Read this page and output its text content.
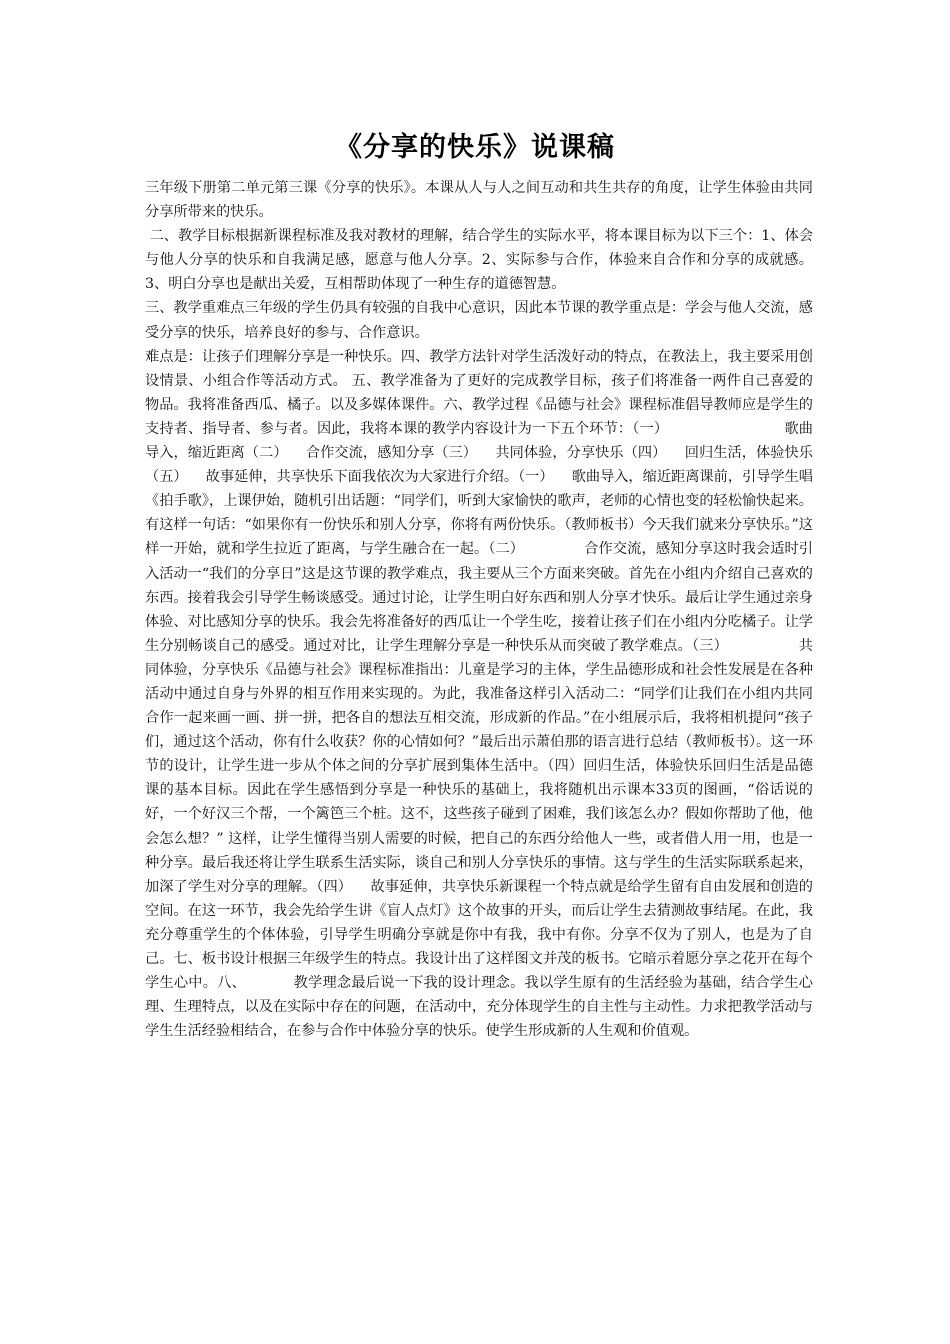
《分享的快乐》说课稿

三年级下册第二单元第三课《分享的快乐》。本课从人与人之间互动和共生共存的角度，让学生体验由共同分享所带来的快乐。

二、教学目标根据新课程标准及我对教材的理解，结合学生的实际水平，将本课目标为以下三个：1、体会与他人分享的快乐和自我满足感，愿意与他人分享。2、实际参与合作，体验来自合作和分享的成就感。3、明白分享也是献出关爱，互相帮助体现了一种生存的道德智慧。

三、教学重难点三年级的学生仍具有较强的自我中心意识，因此本节课的教学重点是：学会与他人交流，感受分享的快乐，培养良好的参与、合作意识。

难点是：让孩子们理解分享是一种快乐。四、教学方法针对学生活泼好动的特点，在教法上，我主要采用创设情景、小组合作等活动方式。 五、教学准备为了更好的完成教学目标，孩子们将准备一两件自己喜爱的物品。我将准备西瓜、橘子。以及多媒体课件。六、教学过程《品德与社会》课程标准倡导教师应是学生的支持者、指导者、参与者。因此，我将本课的教学内容设计为一下五个环节：（一）                         歌曲导入，缩近距离（二）    合作交流，感知分享（三）    共同体验，分享快乐（四）    回归生活，体验快乐（五）    故事延伸，共享快乐下面我依次为大家进行介绍。（一）    歌曲导入，缩近距离课前，引导学生唱《拍手歌》，上课伊始，随机引出话题：“同学们，听到大家愉快的歌声，老师的心情也变的轻松愉快起来。有这样一句话：“如果你有一份快乐和别人分享，你将有两份快乐。（教师板书）今天我们就来分享快乐。”这样一开始，就和学生拉近了距离，与学生融合在一起。（二）             合作交流，感知分享这时我会适时引入活动一“我们的分享日”这是这节课的教学难点，我主要从三个方面来突破。首先在小组内介绍自己喜欢的东西。接着我会引导学生畅谈感受。通过讨论，让学生明白好东西和别人分享才快乐。最后让学生通过亲身体验、对比感知分享的快乐。我会先将准备好的西瓜让一个学生吃，接着让孩子们在小组内分吃橘子。让学生分别畅谈自己的感受。通过对比，让学生理解分享是一种快乐从而突破了教学难点。（三）               共同体验，分享快乐《品德与社会》课程标准指出：儿童是学习的主体，学生品德形成和社会性发展是在各种活动中通过自身与外界的相互作用来实现的。为此，我准备这样引入活动二：“同学们让我们在小组内共同合作一起来画一画、拼一拼，把各自的想法互相交流，形成新的作品。”在小组展示后，我将相机提问“孩子们，通过这个活动，你有什么收获？你的心情如何？”最后出示萧伯那的语言进行总结（教师板书）。这一环节的设计，让学生进一步从个体之间的分享扩展到集体生活中。（四）回归生活，体验快乐回归生活是品德课的基本目标。因此在学生感悟到分享是一种快乐的基础上，我将随机出示课本33页的图画，“俗话说的好，一个好汉三个帮，一个篱笆三个桩。这不，这些孩子碰到了困难，我们该怎么办？假如你帮助了他，他会怎么想？” 这样，让学生懂得当别人需要的时候，把自己的东西分给他人一些，或者借人用一用，也是一种分享。最后我还将让学生联系生活实际，谈自己和别人分享快乐的事情。这与学生的生活实际联系起来，加深了学生对分享的理解。（四）    故事延伸，共享快乐新课程一个特点就是给学生留有自由发展和创造的空间。在这一环节，我会先给学生讲《盲人点灯》这个故事的开头，而后让学生去猜测故事结尾。在此，我充分尊重学生的个体体验，引导学生明确分享就是你中有我，我中有你。分享不仅为了别人，也是为了自己。七、板书设计根据三年级学生的特点。我设计出了这样图文并茂的板书。它暗示着愿分享之花开在每个学生心中。八、          教学理念最后说一下我的设计理念。我以学生原有的生活经验为基础，结合学生心理、生理特点，以及在实际中存在的问题，在活动中，充分体现学生的自主性与主动性。力求把教学活动与学生生活经验相结合，在参与合作中体验分享的快乐。使学生形成新的人生观和价值观。
